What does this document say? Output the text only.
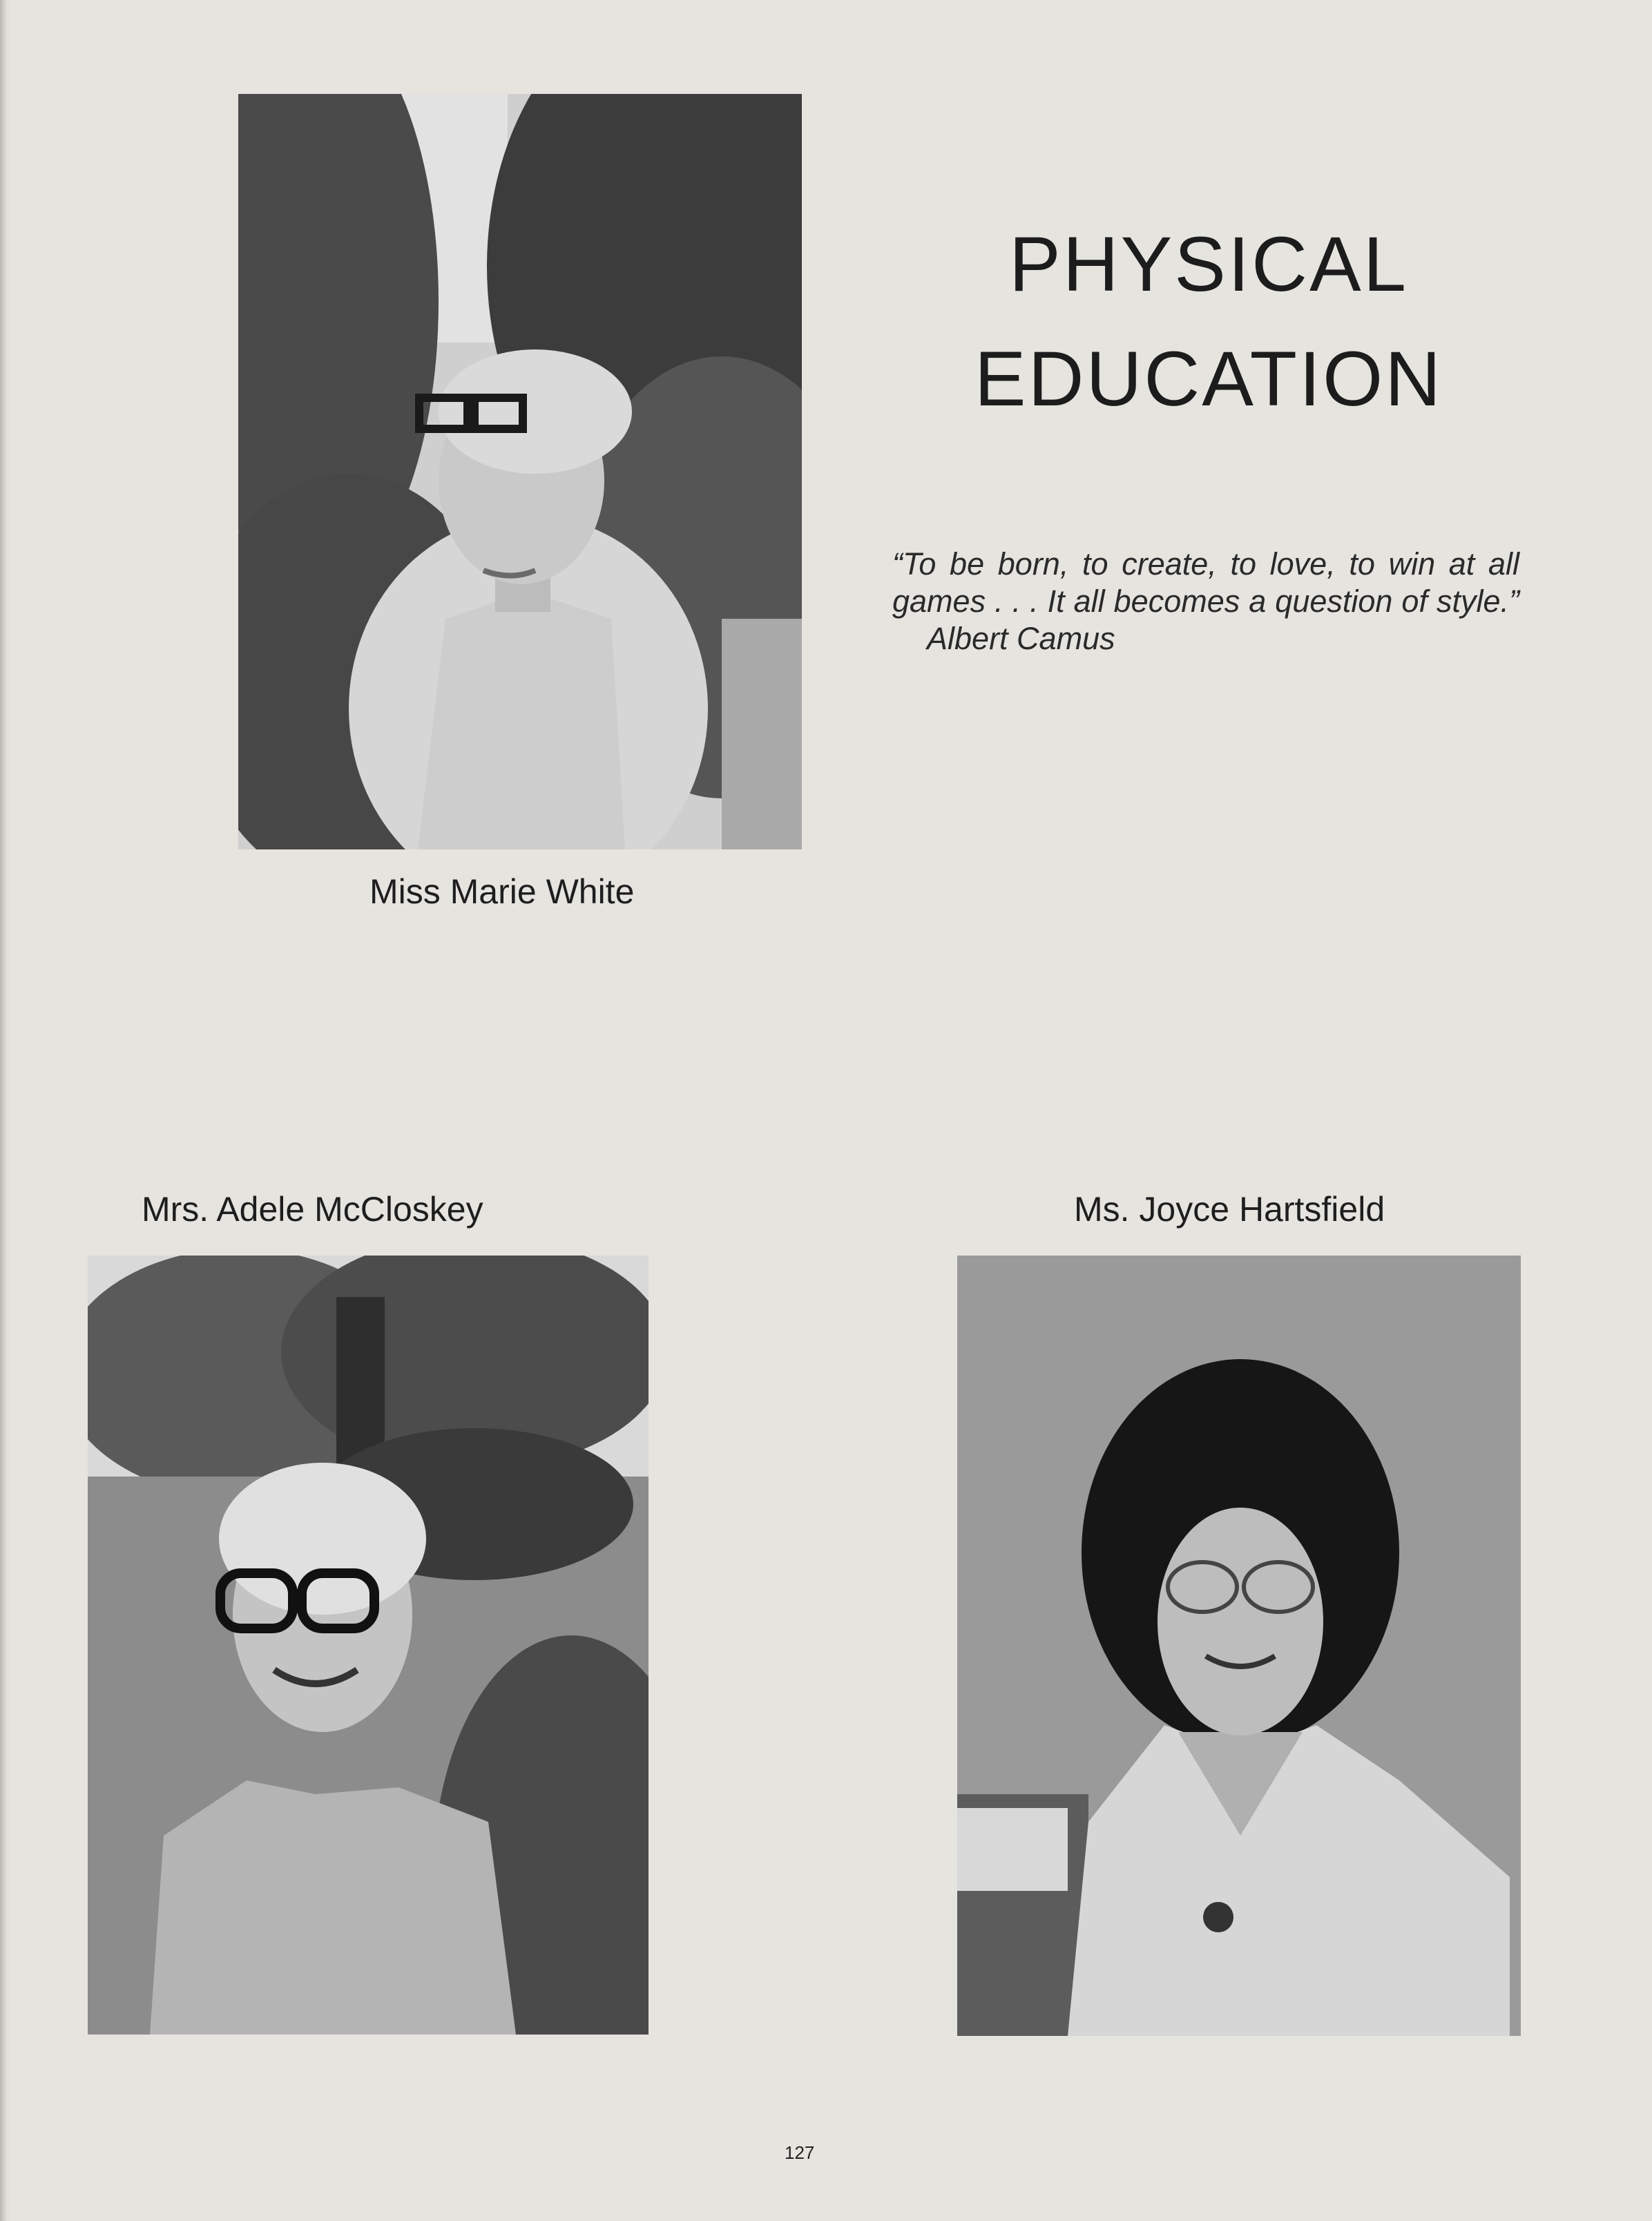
PHYSICAL
EDUCATION
“To be born, to create, to love, to win at all games . . . It all becomes a question of style.” Albert Camus
Miss Marie White
Mrs. Adele McCloskey	Ms. Joyce Hartsfield
127
